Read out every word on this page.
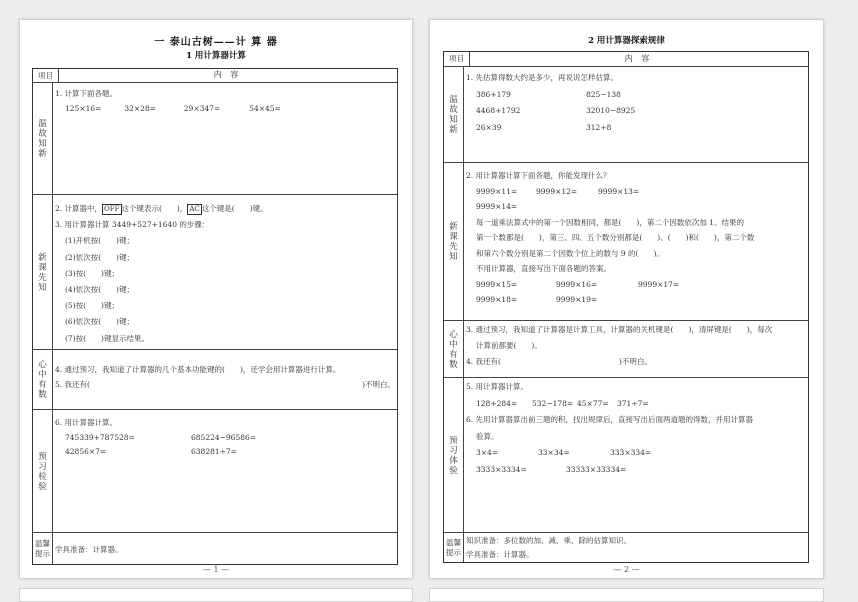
一 泰山古树——计 算 器
1 用计算器计算
项目	内 容
温故知新
1. 计算下面各题。
125×16=	32×28=	29×347=	54×45=
新课先知
2. 计算器中， OFF 这个键表示(　　)， AC 这个键是(　　)键。
3. 用计算器计算 3449+527+1640 的步骤：
(1)开机按(　　)键；
(2)依次按(　　)键；
(3)按(　　)键；
(4)依次按(　　)键；
(5)按(　　)键；
(6)依次按(　　)键；
(7)按(　　)键显示结果。
心中有数
4. 通过预习，我知道了计算器的几个基本功能键的(　　)，还学会用计算器进行计算。
5. 我还有(	)不明白。
预习检验
6. 用计算器计算。
745339+787528=	685224−96586=
42856×7=	638281÷7=
温馨提示 学具准备：计算器。
— 1 —
2 用计算器探索规律
项目	内 容
温故知新
1. 先估算得数大约是多少，再说说怎样估算。
386+179	825−138
4468+1792	32010−8925
26×39	312÷8
新课先知
2. 用计算器计算下面各题，你能发现什么？
9999×11=	9999×12=	9999×13=
9999×14=
每一道乘法算式中的第一个因数相同，都是(　　)，第二个因数依次加 1。结果的
第一个数都是(　　)，第三、四、五个数分别都是(　　)、(　　)和(　　)，第二个数
和第六个数分别是第二个因数个位上的数与 9 的(　　)。
不用计算器，直接写出下面各题的答案。
9999×15=	9999×16=	9999×17=
9999×18=	9999×19=
心中有数
3. 通过预习，我知道了计算器是计算工具，计算器的关机键是(　　)，清屏键是(　　)，每次
计算前都要(　　)。
4. 我还有(	)不明白。
预习体验
5. 用计算器计算。
128+284= 532−178= 45×77= 371÷7=
6. 先用计算器算出前三题的积，找出规律后，直接写出后面两道题的得数，并用计算器
验算。
3×4=	33×34=	333×334=
3333×3334=	33333×33334=
温馨提示
知识准备：多位数的加、减、乘、除的估算知识。
学具准备：计算器。
— 2 —
